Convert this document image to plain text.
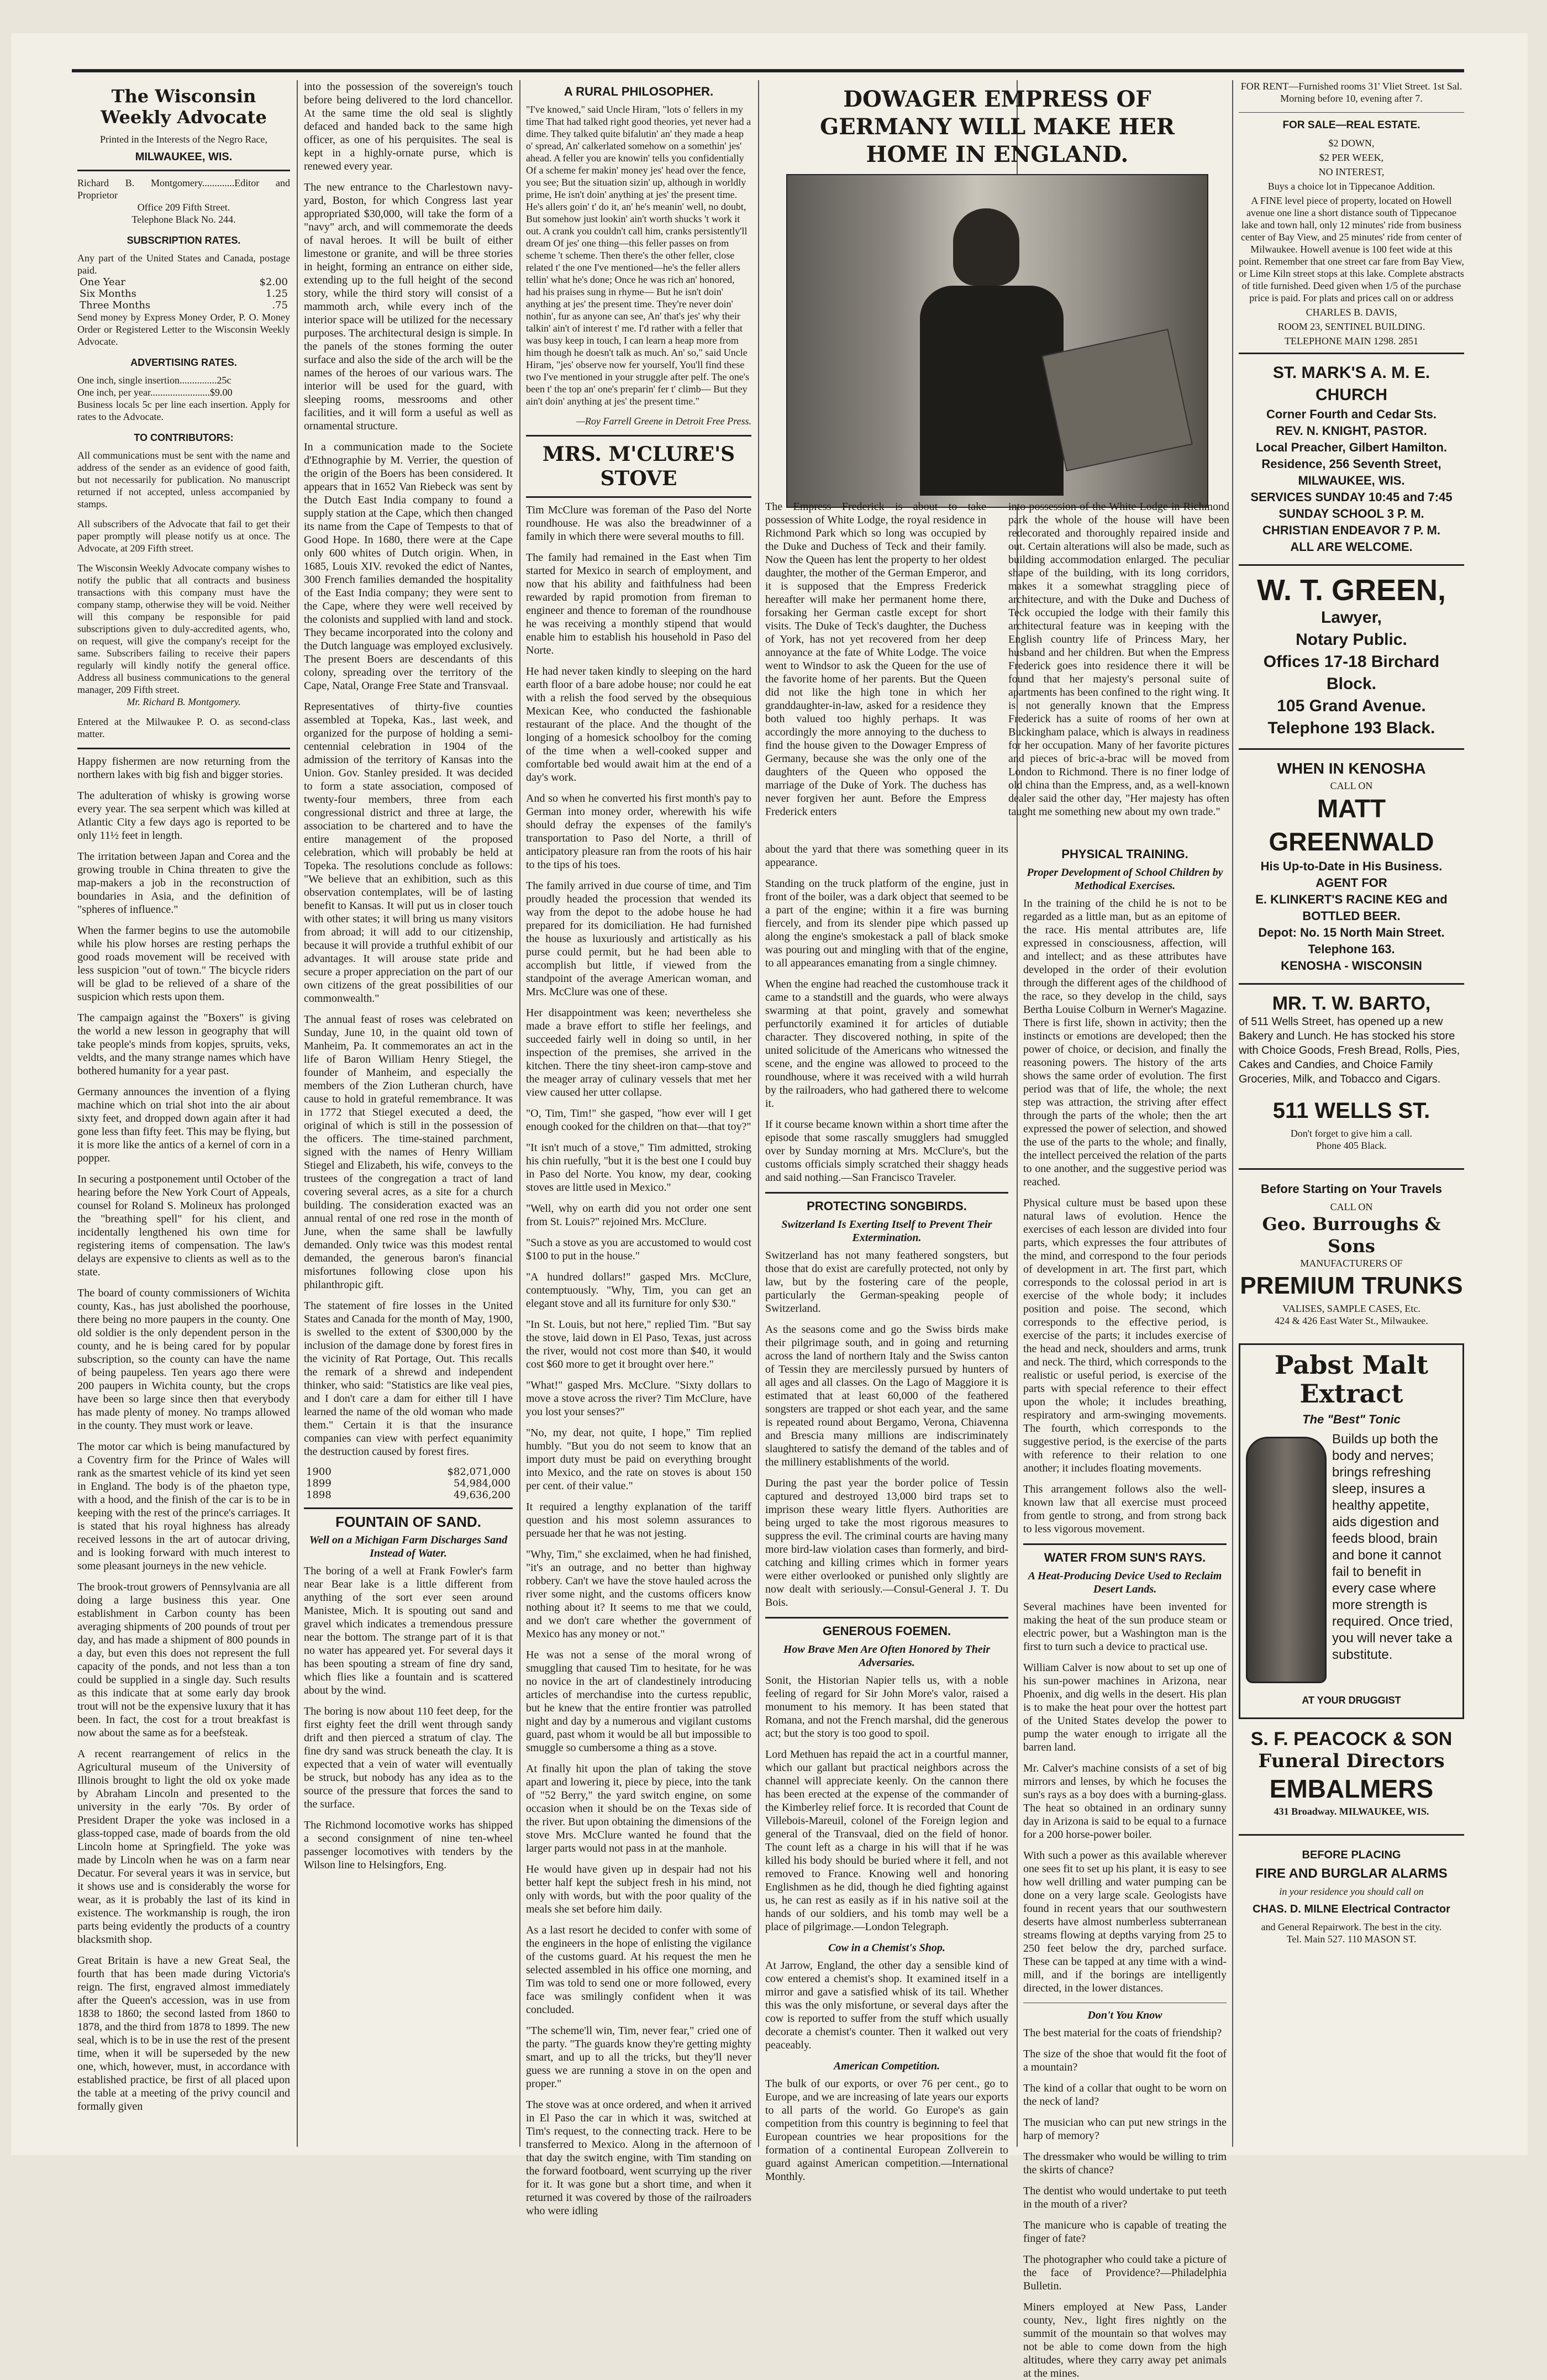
The Wisconsin Weekly Advocate
Printed in the Interests of the Negro Race,
MILWAUKEE, WIS.
Richard B. Montgomery.............Editor and Proprietor
Office 209 Fifth Street.
Telephone Black No. 244.
SUBSCRIPTION RATES.
Any part of the United States and Canada, postage paid.
One Year	$2.00
Six Months	1.25
Three Months	.75
Send money by Express Money Order, P. O. Money Order or Registered Letter to the Wisconsin Weekly Advocate.
ADVERTISING RATES.
One inch, single insertion...............25c
One inch, per year........................$9.00
Business locals 5c per line each insertion. Apply for rates to the Advocate.
TO CONTRIBUTORS:
All communications must be sent with the name and address of the sender as an evidence of good faith, but not necessarily for publication. No manuscript returned if not accepted, unless accompanied by stamps.
All subscribers of the Advocate that fail to get their paper promptly will please notify us at once. The Advocate, at 209 Fifth street.
The Wisconsin Weekly Advocate company wishes to notify the public that all contracts and business transactions with this company must have the company stamp, otherwise they will be void. Neither will this company be responsible for paid subscriptions given to duly-accredited agents, who, on request, will give the company's receipt for the same. Subscribers failing to receive their papers regularly will kindly notify the general office. Address all business communications to the general manager, 209 Fifth street.
Mr. Richard B. Montgomery.
Entered at the Milwaukee P. O. as second-class matter.
Happy fishermen are now returning from the northern lakes with big fish and bigger stories.
The adulteration of whisky is growing worse every year. The sea serpent which was killed at Atlantic City a few days ago is reported to be only 11½ feet in length.
The irritation between Japan and Corea and the growing trouble in China threaten to give the map-makers a job in the reconstruction of boundaries in Asia, and the definition of "spheres of influence."
When the farmer begins to use the automobile while his plow horses are resting perhaps the good roads movement will be received with less suspicion "out of town." The bicycle riders will be glad to be relieved of a share of the suspicion which rests upon them.
The campaign against the "Boxers" is giving the world a new lesson in geography that will take people's minds from kopjes, spruits, veks, veldts, and the many strange names which have bothered humanity for a year past.
Germany announces the invention of a flying machine which on trial shot into the air about sixty feet, and dropped down again after it had gone less than fifty feet. This may be flying, but it is more like the antics of a kernel of corn in a popper.
In securing a postponement until October of the hearing before the New York Court of Appeals, counsel for Roland S. Molineux has prolonged the "breathing spell" for his client, and incidentally lengthened his own time for registering items of compensation. The law's delays are expensive to clients as well as to the state.
The board of county commissioners of Wichita county, Kas., has just abolished the poorhouse, there being no more paupers in the county. One old soldier is the only dependent person in the county, and he is being cared for by popular subscription, so the county can have the name of being paupeless. Ten years ago there were 200 paupers in Wichita county, but the crops have been so large since then that everybody has made plenty of money. No tramps allowed in the county. They must work or leave.
The motor car which is being manufactured by a Coventry firm for the Prince of Wales will rank as the smartest vehicle of its kind yet seen in England. The body is of the phaeton type, with a hood, and the finish of the car is to be in keeping with the rest of the prince's carriages. It is stated that his royal highness has already received lessons in the art of autocar driving, and is looking forward with much interest to some pleasant journeys in the new vehicle.
The brook-trout growers of Pennsylvania are all doing a large business this year. One establishment in Carbon county has been averaging shipments of 200 pounds of trout per day, and has made a shipment of 800 pounds in a day, but even this does not represent the full capacity of the ponds, and not less than a ton could be supplied in a single day. Such results as this indicate that at some early day brook trout will not be the expensive luxury that it has been. In fact, the cost for a trout breakfast is now about the same as for a beefsteak.
A recent rearrangement of relics in the Agricultural museum of the University of Illinois brought to light the old ox yoke made by Abraham Lincoln and presented to the university in the early '70s. By order of President Draper the yoke was inclosed in a glass-topped case, made of boards from the old Lincoln home at Springfield. The yoke was made by Lincoln when he was on a farm near Decatur. For several years it was in service, but it shows use and is considerably the worse for wear, as it is probably the last of its kind in existence. The workmanship is rough, the iron parts being evidently the products of a country blacksmith shop.
Great Britain is have a new Great Seal, the fourth that has been made during Victoria's reign. The first, engraved almost immediately after the Queen's accession, was in use from 1838 to 1860; the second lasted from 1860 to 1878, and the third from 1878 to 1899. The new seal, which is to be in use the rest of the present time, when it will be superseded by the new one, which, however, must, in accordance with established practice, be first of all placed upon the table at a meeting of the privy council and formally given
into the possession of the sovereign's touch before being delivered to the lord chancellor. At the same time the old seal is slightly defaced and handed back to the same high officer, as one of his perquisites. The seal is kept in a highly-ornate purse, which is renewed every year.
The new entrance to the Charlestown navy-yard, Boston, for which Congress last year appropriated $30,000, will take the form of a "navy" arch, and will commemorate the deeds of naval heroes. It will be built of either limestone or granite, and will be three stories in height, forming an entrance on either side, extending up to the full height of the second story, while the third story will consist of a mammoth arch, while every inch of the interior space will be utilized for the necessary purposes. The architectural design is simple. In the panels of the stones forming the outer surface and also the side of the arch will be the names of the heroes of our various wars. The interior will be used for the guard, with sleeping rooms, messrooms and other facilities, and it will form a useful as well as ornamental structure.
In a communication made to the Societe d'Ethnographie by M. Verrier, the question of the origin of the Boers has been considered. It appears that in 1652 Van Riebeck was sent by the Dutch East India company to found a supply station at the Cape, which then changed its name from the Cape of Tempests to that of Good Hope. In 1680, there were at the Cape only 600 whites of Dutch origin. When, in 1685, Louis XIV. revoked the edict of Nantes, 300 French families demanded the hospitality of the East India company; they were sent to the Cape, where they were well received by the colonists and supplied with land and stock. They became incorporated into the colony and the Dutch language was employed exclusively. The present Boers are descendants of this colony, spreading over the territory of the Cape, Natal, Orange Free State and Transvaal.
Representatives of thirty-five counties assembled at Topeka, Kas., last week, and organized for the purpose of holding a semi-centennial celebration in 1904 of the admission of the territory of Kansas into the Union. Gov. Stanley presided. It was decided to form a state association, composed of twenty-four members, three from each congressional district and three at large, the association to be chartered and to have the entire management of the proposed celebration, which will probably be held at Topeka. The resolutions conclude as follows: "We believe that an exhibition, such as this observation contemplates, will be of lasting benefit to Kansas. It will put us in closer touch with other states; it will bring us many visitors from abroad; it will add to our citizenship, because it will provide a truthful exhibit of our advantages. It will arouse state pride and secure a proper appreciation on the part of our own citizens of the great possibilities of our commonwealth."
The annual feast of roses was celebrated on Sunday, June 10, in the quaint old town of Manheim, Pa. It commemorates an act in the life of Baron William Henry Stiegel, the founder of Manheim, and especially the members of the Zion Lutheran church, have cause to hold in grateful remembrance. It was in 1772 that Stiegel executed a deed, the original of which is still in the possession of the officers. The time-stained parchment, signed with the names of Henry William Stiegel and Elizabeth, his wife, conveys to the trustees of the congregation a tract of land covering several acres, as a site for a church building. The consideration exacted was an annual rental of one red rose in the month of June, when the same shall be lawfully demanded. Only twice was this modest rental demanded, the generous baron's financial misfortunes following close upon his philanthropic gift.
The statement of fire losses in the United States and Canada for the month of May, 1900, is swelled to the extent of $300,000 by the inclusion of the damage done by forest fires in the vicinity of Rat Portage, Out. This recalls the remark of a shrewd and independent thinker, who said: "Statistics are like veal pies, and I don't care a dam for either till I have learned the name of the old woman who made them." Certain it is that the insurance companies can view with perfect equanimity the destruction caused by forest fires.
1900	$82,071,000
1899	54,984,000
1898	49,636,200
FOUNTAIN OF SAND.
Well on a Michigan Farm Discharges Sand Instead of Water.
The boring of a well at Frank Fowler's farm near Bear lake is a little different from anything of the sort ever seen around Manistee, Mich. It is spouting out sand and gravel which indicates a tremendous pressure near the bottom. The strange part of it is that no water has appeared yet. For several days it has been spouting a stream of fine dry sand, which flies like a fountain and is scattered about by the wind.
The boring is now about 110 feet deep, for the first eighty feet the drill went through sandy drift and then pierced a stratum of clay. The fine dry sand was struck beneath the clay. It is expected that a vein of water will eventually be struck, but nobody has any idea as to the source of the pressure that forces the sand to the surface.
The Richmond locomotive works has shipped a second consignment of nine ten-wheel passenger locomotives with tenders by the Wilson line to Helsingfors, Eng.
A RURAL PHILOSOPHER.
"I've knowed," said Uncle Hiram, "lots o' fellers in my time That had talked right good theories, yet never had a dime. They talked quite bifalutin' an' they made a heap o' spread, An' calkerlated somehow on a somethin' jes' ahead. A feller you are knowin' tells you confidentially Of a scheme fer makin' money jes' head over the fence, you see; But the situation sizin' up, although in worldly prime, He isn't doin' anything at jes' the present time. He's allers goin' t' do it, an' he's meanin' well, no doubt, But somehow just lookin' ain't worth shucks 't work it out. A crank you couldn't call him, cranks persistently'll dream Of jes' one thing—this feller passes on from scheme 't scheme. Then there's the other feller, close related t' the one I've mentioned—he's the feller allers tellin' what he's done; Once he was rich an' honored, had his praises sung in rhyme— But he isn't doin' anything at jes' the present time. They're never doin' nothin', fur as anyone can see, An' that's jes' why their talkin' ain't of interest t' me. I'd rather with a feller that was busy keep in touch, I can learn a heap more from him though he doesn't talk as much. An' so," said Uncle Hiram, "jes' observe now fer yourself, You'll find these two I've mentioned in your struggle after pelf. The one's been t' the top an' one's preparin' fer t' climb— But they ain't doin' anything at jes' the present time."
—Roy Farrell Greene in Detroit Free Press.
MRS. M'CLURE'S STOVE
Tim McClure was foreman of the Paso del Norte roundhouse. He was also the breadwinner of a family in which there were several mouths to fill.
The family had remained in the East when Tim started for Mexico in search of employment, and now that his ability and faithfulness had been rewarded by rapid promotion from fireman to engineer and thence to foreman of the roundhouse he was receiving a monthly stipend that would enable him to establish his household in Paso del Norte.
He had never taken kindly to sleeping on the hard earth floor of a bare adobe house; nor could he eat with a relish the food served by the obsequious Mexican Kee, who conducted the fashionable restaurant of the place. And the thought of the longing of a homesick schoolboy for the coming of the time when a well-cooked supper and comfortable bed would await him at the end of a day's work.
And so when he converted his first month's pay to German into money order, wherewith his wife should defray the expenses of the family's transportation to Paso del Norte, a thrill of anticipatory pleasure ran from the roots of his hair to the tips of his toes.
The family arrived in due course of time, and Tim proudly headed the procession that wended its way from the depot to the adobe house he had prepared for its domiciliation. He had furnished the house as luxuriously and artistically as his purse could permit, but he had been able to accomplish but little, if viewed from the standpoint of the average American woman, and Mrs. McClure was one of these.
Her disappointment was keen; nevertheless she made a brave effort to stifle her feelings, and succeeded fairly well in doing so until, in her inspection of the premises, she arrived in the kitchen. There the tiny sheet-iron camp-stove and the meager array of culinary vessels that met her view caused her utter collapse.
"O, Tim, Tim!" she gasped, "how ever will I get enough cooked for the children on that—that toy?"
"It isn't much of a stove," Tim admitted, stroking his chin ruefully, "but it is the best one I could buy in Paso del Norte. You know, my dear, cooking stoves are little used in Mexico."
"Well, why on earth did you not order one sent from St. Louis?" rejoined Mrs. McClure.
"Such a stove as you are accustomed to would cost $100 to put in the house."
"A hundred dollars!" gasped Mrs. McClure, contemptuously. "Why, Tim, you can get an elegant stove and all its furniture for only $30."
"In St. Louis, but not here," replied Tim. "But say the stove, laid down in El Paso, Texas, just across the river, would not cost more than $40, it would cost $60 more to get it brought over here."
"What!" gasped Mrs. McClure. "Sixty dollars to move a stove across the river? Tim McClure, have you lost your senses?"
"No, my dear, not quite, I hope," Tim replied humbly. "But you do not seem to know that an import duty must be paid on everything brought into Mexico, and the rate on stoves is about 150 per cent. of their value."
It required a lengthy explanation of the tariff question and his most solemn assurances to persuade her that he was not jesting.
"Why, Tim," she exclaimed, when he had finished, "it's an outrage, and no better than highway robbery. Can't we have the stove hauled across the river some night, and the customs officers know nothing about it? It seems to me that we could, and we don't care whether the government of Mexico has any money or not."
He was not a sense of the moral wrong of smuggling that caused Tim to hesitate, for he was no novice in the art of clandestinely introducing articles of merchandise into the curtess republic, but he knew that the entire frontier was patrolled night and day by a numerous and vigilant customs guard, past whom it would be all but impossible to smuggle so cumbersome a thing as a stove.
At finally hit upon the plan of taking the stove apart and lowering it, piece by piece, into the tank of "52 Berry," the yard switch engine, on some occasion when it should be on the Texas side of the river. But upon obtaining the dimensions of the stove Mrs. McClure wanted he found that the larger parts would not pass in at the manhole.
He would have given up in despair had not his better half kept the subject fresh in his mind, not only with words, but with the poor quality of the meals she set before him daily.
As a last resort he decided to confer with some of the engineers in the hope of enlisting the vigilance of the customs guard. At his request the men he selected assembled in his office one morning, and Tim was told to send one or more followed, every face was smilingly confident when it was concluded.
"The scheme'll win, Tim, never fear," cried one of the party. "The guards know they're getting mighty smart, and up to all the tricks, but they'll never guess we are running a stove in on the open and proper."
The stove was at once ordered, and when it arrived in El Paso the car in which it was, switched at Tim's request, to the connecting track. Here to be transferred to Mexico. Along in the afternoon of that day the switch engine, with Tim standing on the forward footboard, went scurrying up the river for it. It was gone but a short time, and when it returned it was covered by those of the railroaders who were idling
DOWAGER EMPRESS OF GERMANY WILL MAKE HER HOME IN ENGLAND.
The Empress Frederick is about to take possession of White Lodge, the royal residence in Richmond Park which so long was occupied by the Duke and Duchess of Teck and their family. Now the Queen has lent the property to her oldest daughter, the mother of the German Emperor, and it is supposed that the Empress Frederick hereafter will make her permanent home there, forsaking her German castle except for short visits. The Duke of Teck's daughter, the Duchess of York, has not yet recovered from her deep annoyance at the fate of White Lodge. The voice went to Windsor to ask the Queen for the use of the favorite home of her parents. But the Queen did not like the high tone in which her granddaughter-in-law, asked for a residence they both valued too highly perhaps. It was accordingly the more annoying to the duchess to find the house given to the Dowager Empress of Germany, because she was the only one of the daughters of the Queen who opposed the marriage of the Duke of York. The duchess has never forgiven her aunt. Before the Empress Frederick enters
into possession of the White Lodge in Richmond park the whole of the house will have been redecorated and thoroughly repaired inside and out. Certain alterations will also be made, such as building accommodation enlarged. The peculiar shape of the building, with its long corridors, makes it a somewhat straggling piece of architecture, and with the Duke and Duchess of Teck occupied the lodge with their family this architectural feature was in keeping with the English country life of Princess Mary, her husband and her children. But when the Empress Frederick goes into residence there it will be found that her majesty's personal suite of apartments has been confined to the right wing. It is not generally known that the Empress Frederick has a suite of rooms of her own at Buckingham palace, which is always in readiness for her occupation. Many of her favorite pictures and pieces of bric-a-brac will be moved from London to Richmond. There is no finer lodge of old china than the Empress, and, as a well-known dealer said the other day, "Her majesty has often taught me something new about my own trade."
about the yard that there was something queer in its appearance.
Standing on the truck platform of the engine, just in front of the boiler, was a dark object that seemed to be a part of the engine; within it a fire was burning fiercely, and from its slender pipe which passed up along the engine's smokestack a pall of black smoke was pouring out and mingling with that of the engine, to all appearances emanating from a single chimney.
When the engine had reached the customhouse track it came to a standstill and the guards, who were always swarming at that point, gravely and somewhat perfunctorily examined it for articles of dutiable character. They discovered nothing, in spite of the united solicitude of the Americans who witnessed the scene, and the engine was allowed to proceed to the roundhouse, where it was received with a wild hurrah by the railroaders, who had gathered there to welcome it.
If it course became known within a short time after the episode that some rascally smugglers had smuggled over by Sunday morning at Mrs. McClure's, but the customs officials simply scratched their shaggy heads and said nothing.—San Francisco Traveler.
PROTECTING SONGBIRDS.
Switzerland Is Exerting Itself to Prevent Their Extermination.
Switzerland has not many feathered songsters, but those that do exist are carefully protected, not only by law, but by the fostering care of the people, particularly the German-speaking people of Switzerland.
As the seasons come and go the Swiss birds make their pilgrimage south, and in going and returning across the land of northern Italy and the Swiss canton of Tessin they are mercilessly pursued by hunters of all ages and all classes. On the Lago of Maggiore it is estimated that at least 60,000 of the feathered songsters are trapped or shot each year, and the same is repeated round about Bergamo, Verona, Chiavenna and Brescia many millions are indiscriminately slaughtered to satisfy the demand of the tables and of the millinery establishments of the world.
During the past year the border police of Tessin captured and destroyed 13,000 bird traps set to imprison these weary little flyers. Authorities are being urged to take the most rigorous measures to suppress the evil. The criminal courts are having many more bird-law violation cases than formerly, and bird-catching and killing crimes which in former years were either overlooked or punished only slightly are now dealt with seriously.—Consul-General J. T. Du Bois.
GENEROUS FOEMEN.
How Brave Men Are Often Honored by Their Adversaries.
Sonit, the Historian Napier tells us, with a noble feeling of regard for Sir John More's valor, raised a monument to his memory. It has been stated that Romana, and not the French marshal, did the generous act; but the story is too good to spoil.
Lord Methuen has repaid the act in a courtful manner, which our gallant but practical neighbors across the channel will appreciate keenly. On the cannon there has been erected at the expense of the commander of the Kimberley relief force. It is recorded that Count de Villebois-Mareuil, colonel of the Foreign legion and general of the Transvaal, died on the field of honor. The count left as a charge in his will that if he was killed his body should be buried where it fell, and not removed to France. Knowing well and honoring Englishmen as he did, though he died fighting against us, he can rest as easily as if in his native soil at the hands of our soldiers, and his tomb may well be a place of pilgrimage.—London Telegraph.
Cow in a Chemist's Shop.
At Jarrow, England, the other day a sensible kind of cow entered a chemist's shop. It examined itself in a mirror and gave a satisfied whisk of its tail. Whether this was the only misfortune, or several days after the cow is reported to suffer from the stuff which usually decorate a chemist's counter. Then it walked out very peaceably.
American Competition.
The bulk of our exports, or over 76 per cent., go to Europe, and we are increasing of late years our exports to all parts of the world. Go Europe's as gain competition from this country is beginning to feel that European countries we hear propositions for the formation of a continental European Zollverein to guard against American competition.—International Monthly.
PHYSICAL TRAINING.
Proper Development of School Children by Methodical Exercises.
In the training of the child he is not to be regarded as a little man, but as an epitome of the race. His mental attributes are, life expressed in consciousness, affection, will and intellect; and as these attributes have developed in the order of their evolution through the different ages of the childhood of the race, so they develop in the child, says Bertha Louise Colburn in Werner's Magazine. There is first life, shown in activity; then the instincts or emotions are developed; then the power of choice, or decision, and finally the reasoning powers. The history of the arts shows the same order of evolution. The first period was that of life, the whole; the next step was attraction, the striving after effect through the parts of the whole; then the art expressed the power of selection, and showed the use of the parts to the whole; and finally, the intellect perceived the relation of the parts to one another, and the suggestive period was reached.
Physical culture must be based upon these natural laws of evolution. Hence the exercises of each lesson are divided into four parts, which expresses the four attributes of the mind, and correspond to the four periods of development in art. The first part, which corresponds to the colossal period in art is exercise of the whole body; it includes position and poise. The second, which corresponds to the effective period, is exercise of the parts; it includes exercise of the head and neck, shoulders and arms, trunk and neck. The third, which corresponds to the realistic or useful period, is exercise of the parts with special reference to their effect upon the whole; it includes breathing, respiratory and arm-swinging movements. The fourth, which corresponds to the suggestive period, is the exercise of the parts with reference to their relation to one another; it includes floating movements.
This arrangement follows also the well-known law that all exercise must proceed from gentle to strong, and from strong back to less vigorous movement.
WATER FROM SUN'S RAYS.
A Heat-Producing Device Used to Reclaim Desert Lands.
Several machines have been invented for making the heat of the sun produce steam or electric power, but a Washington man is the first to turn such a device to practical use.
William Calver is now about to set up one of his sun-power machines in Arizona, near Phoenix, and dig wells in the desert. His plan is to make the heat pour over the hottest part of the United States develop the power to pump the water enough to irrigate all the barren land.
Mr. Calver's machine consists of a set of big mirrors and lenses, by which he focuses the sun's rays as a boy does with a burning-glass. The heat so obtained in an ordinary sunny day in Arizona is said to be equal to a furnace for a 200 horse-power boiler.
With such a power as this available wherever one sees fit to set up his plant, it is easy to see how well drilling and water pumping can be done on a very large scale. Geologists have found in recent years that our southwestern deserts have almost numberless subterranean streams flowing at depths varying from 25 to 250 feet below the dry, parched surface. These can be tapped at any time with a wind-mill, and if the borings are intelligently directed, in the lower distances.
Don't You Know
The best material for the coats of friendship?
The size of the shoe that would fit the foot of a mountain?
The kind of a collar that ought to be worn on the neck of land?
The musician who can put new strings in the harp of memory?
The dressmaker who would be willing to trim the skirts of chance?
The dentist who would undertake to put teeth in the mouth of a river?
The manicure who is capable of treating the finger of fate?
The photographer who could take a picture of the face of Providence?—Philadelphia Bulletin.
Miners employed at New Pass, Lander county, Nev., light fires nightly on the summit of the mountain so that wolves may not be able to come down from the high altitudes, where they carry away pet animals at the mines.
FOR RENT—Furnished rooms 31' Vliet Street. 1st Sal. Morning before 10, evening after 7.
FOR SALE—REAL ESTATE.
$2 DOWN,
$2 PER WEEK,
NO INTEREST,
Buys a choice lot in Tippecanoe Addition.
A FINE level piece of property, located on Howell avenue one line a short distance south of Tippecanoe lake and town hall, only 12 minutes' ride from business center of Bay View, and 25 minutes' ride from center of Milwaukee. Howell avenue is 100 feet wide at this point. Remember that one street car fare from Bay View, or Lime Kiln street stops at this lake. Complete abstracts of title furnished. Deed given when 1/5 of the purchase price is paid. For plats and prices call on or address
CHARLES B. DAVIS,
ROOM 23, SENTINEL BUILDING.
TELEPHONE MAIN 1298. 2851
ST. MARK'S A. M. E. CHURCH
Corner Fourth and Cedar Sts.
REV. N. KNIGHT, PASTOR.
Local Preacher, Gilbert Hamilton.
Residence, 256 Seventh Street,
MILWAUKEE, WIS.
SERVICES SUNDAY 10:45 and 7:45
SUNDAY SCHOOL 3 P. M.
CHRISTIAN ENDEAVOR 7 P. M.
ALL ARE WELCOME.
W. T. GREEN,
Lawyer,
Notary Public.
Offices 17-18 Birchard Block.
105 Grand Avenue.
Telephone 193 Black.
WHEN IN KENOSHA
CALL ON
MATT GREENWALD
His Up-to-Date in His Business.
AGENT FOR
E. KLINKERT'S RACINE KEG and BOTTLED BEER.
Depot: No. 15 North Main Street.
Telephone 163.
KENOSHA - WISCONSIN
MR. T. W. BARTO,
of 511 Wells Street, has opened up a new Bakery and Lunch. He has stocked his store with Choice Goods, Fresh Bread, Rolls, Pies, Cakes and Candies, and Choice Family Groceries, Milk, and Tobacco and Cigars.
511 WELLS ST.
Don't forget to give him a call.
Phone 405 Black.
Before Starting on Your Travels
CALL ON
Geo. Burroughs & Sons
MANUFACTURERS OF
PREMIUM TRUNKS
VALISES, SAMPLE CASES, Etc.
424 & 426 East Water St., Milwaukee.
Pabst Malt Extract
The "Best" Tonic
Builds up both the body and nerves; brings refreshing sleep, insures a healthy appetite, aids digestion and feeds blood, brain and bone it cannot fail to benefit in every case where more strength is required. Once tried, you will never take a substitute.
AT YOUR DRUGGIST
S. F. PEACOCK & SON
Funeral Directors
EMBALMERS
431 Broadway. MILWAUKEE, WIS.
BEFORE PLACING
FIRE AND BURGLAR ALARMS
in your residence you should call on
CHAS. D. MILNE Electrical Contractor
and General Repairwork. The best in the city.
Tel. Main 527. 110 MASON ST.
